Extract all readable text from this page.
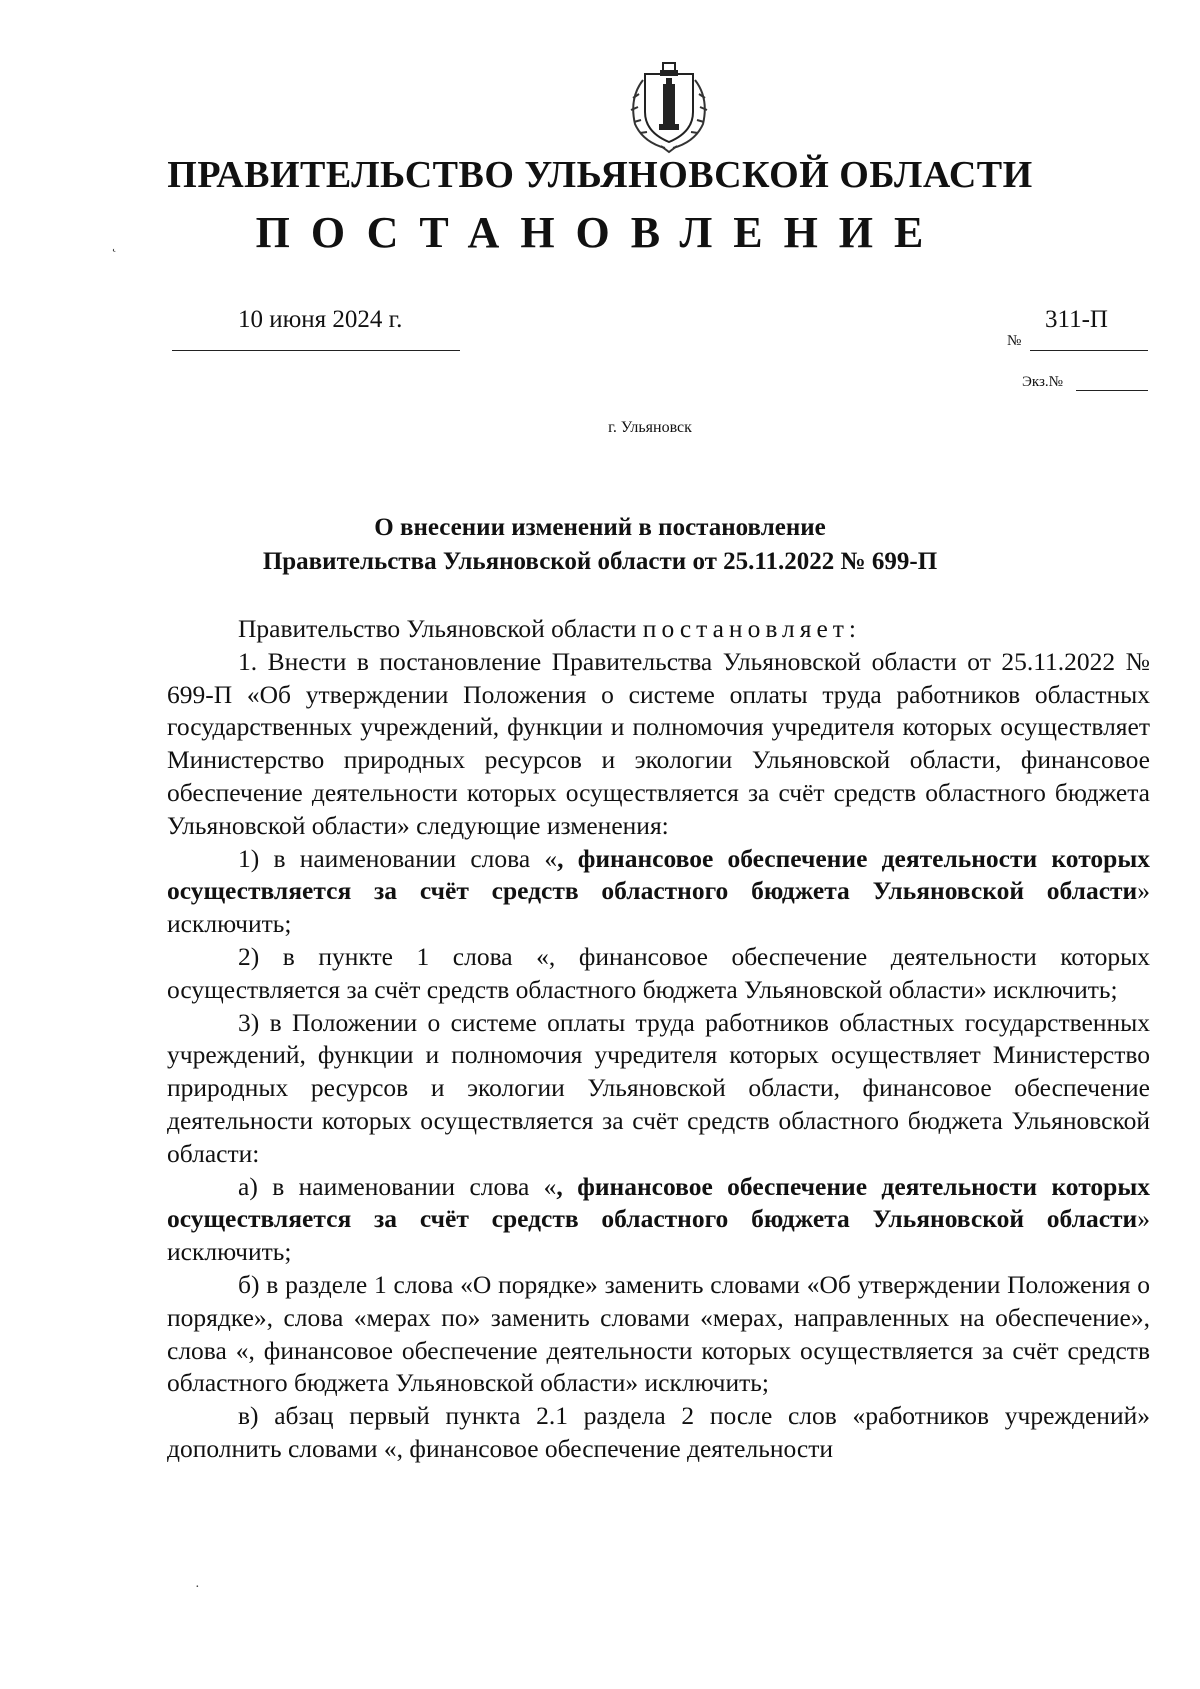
ПРАВИТЕЛЬСТВО УЛЬЯНОВСКОЙ ОБЛАСТИ
ПОСТАНОВЛЕНИЕ
10 июня 2024 г.
№
311-П
Экз.№
г. Ульяновск
О внесении изменений в постановление
Правительства Ульяновской области от 25.11.2022 № 699-П

Правительство Ульяновской области постановляет:

1. Внести в постановление Правительства Ульяновской области от 25.11.2022 № 699-П «Об утверждении Положения о системе оплаты труда работников областных государственных учреждений, функции и полномочия учредителя которых осуществляет Министерство природных ресурсов и экологии Ульяновской области, финансовое обеспечение деятельности которых осуществляется за счёт средств областного бюджета Ульяновской области» следующие изменения:

1) в наименовании слова «, финансовое обеспечение деятельности которых осуществляется за счёт средств областного бюджета Ульяновской области» исключить;

2) в пункте 1 слова «, финансовое обеспечение деятельности которых осуществляется за счёт средств областного бюджета Ульяновской области» исключить;

3) в Положении о системе оплаты труда работников областных государственных учреждений, функции и полномочия учредителя которых осуществляет Министерство природных ресурсов и экологии Ульяновской области, финансовое обеспечение деятельности которых осуществляется за счёт средств областного бюджета Ульяновской области:

а) в наименовании слова «, финансовое обеспечение деятельности которых осуществляется за счёт средств областного бюджета Ульяновской области» исключить;

б) в разделе 1 слова «О порядке» заменить словами «Об утверждении Положения о порядке», слова «мерах по» заменить словами «мерах, направленных на обеспечение», слова «, финансовое обеспечение деятельности которых осуществляется за счёт средств областного бюджета Ульяновской области» исключить;

в) абзац первый пункта 2.1 раздела 2 после слов «работников учреждений» дополнить словами «, финансовое обеспечение деятельности

˛
·
